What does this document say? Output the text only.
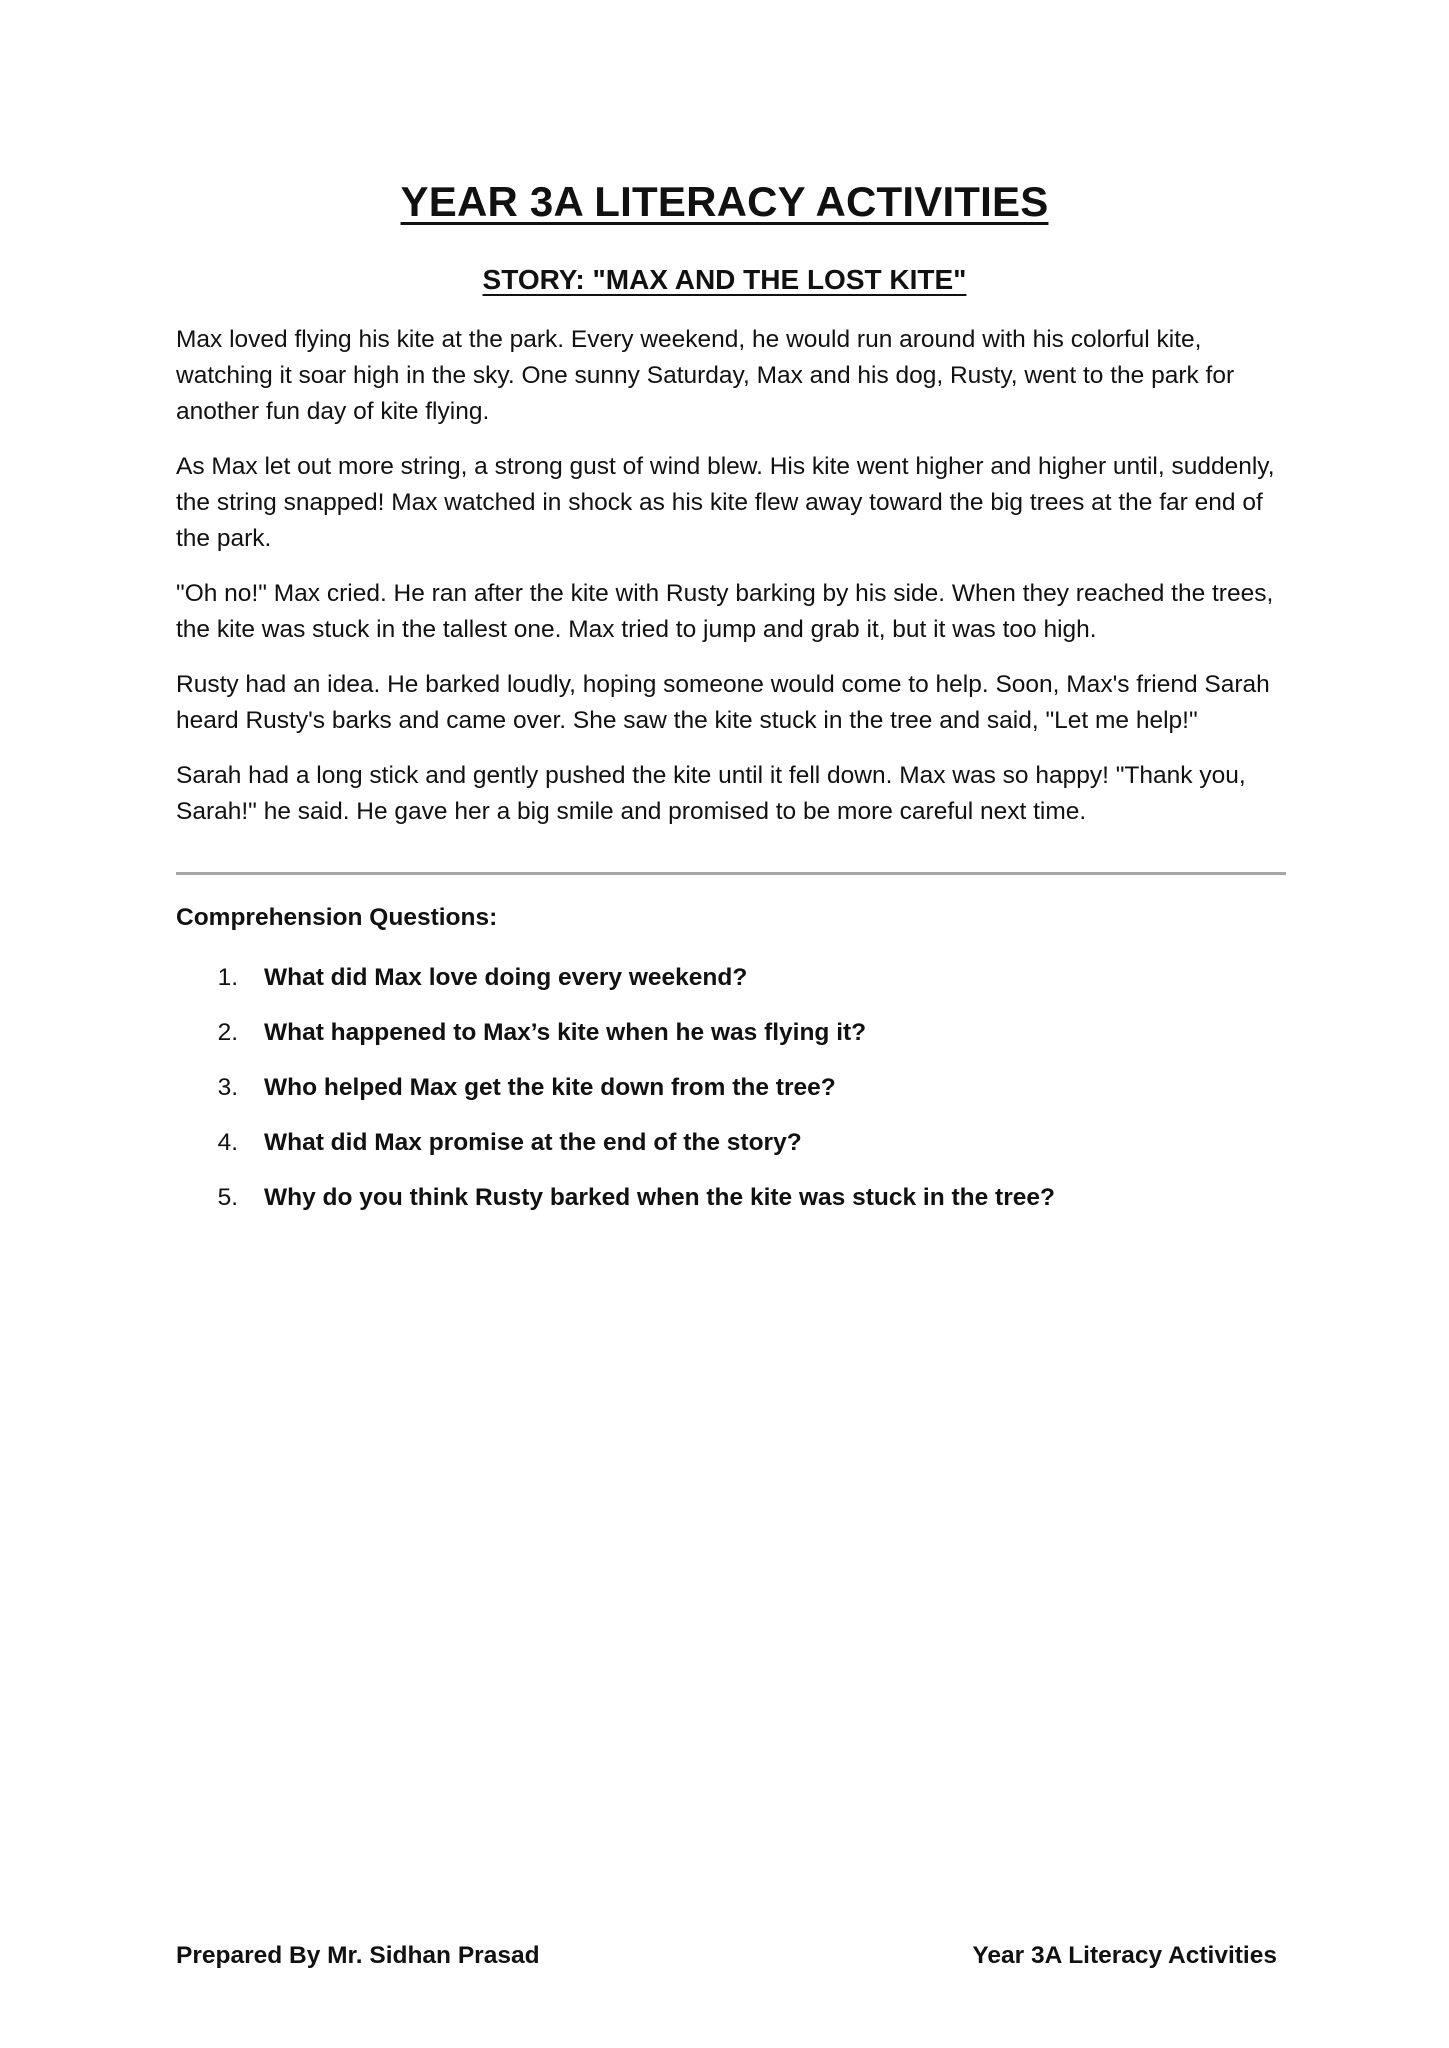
YEAR 3A LITERACY ACTIVITIES
STORY: "MAX AND THE LOST KITE"

Max loved flying his kite at the park. Every weekend, he would run around with his colorful kite, watching it soar high in the sky. One sunny Saturday, Max and his dog, Rusty, went to the park for another fun day of kite flying.

As Max let out more string, a strong gust of wind blew. His kite went higher and higher until, suddenly, the string snapped! Max watched in shock as his kite flew away toward the big trees at the far end of the park.

"Oh no!" Max cried. He ran after the kite with Rusty barking by his side. When they reached the trees, the kite was stuck in the tallest one. Max tried to jump and grab it, but it was too high.

Rusty had an idea. He barked loudly, hoping someone would come to help. Soon, Max's friend Sarah heard Rusty's barks and came over. She saw the kite stuck in the tree and said, "Let me help!"

Sarah had a long stick and gently pushed the kite until it fell down. Max was so happy! "Thank you, Sarah!" he said. He gave her a big smile and promised to be more careful next time.

Comprehension Questions:
1.	What did Max love doing every weekend?
2.	What happened to Max’s kite when he was flying it?
3.	Who helped Max get the kite down from the tree?
4.	What did Max promise at the end of the story?
5.	Why do you think Rusty barked when the kite was stuck in the tree?
Prepared By Mr. Sidhan Prasad	Year 3A Literacy Activities
